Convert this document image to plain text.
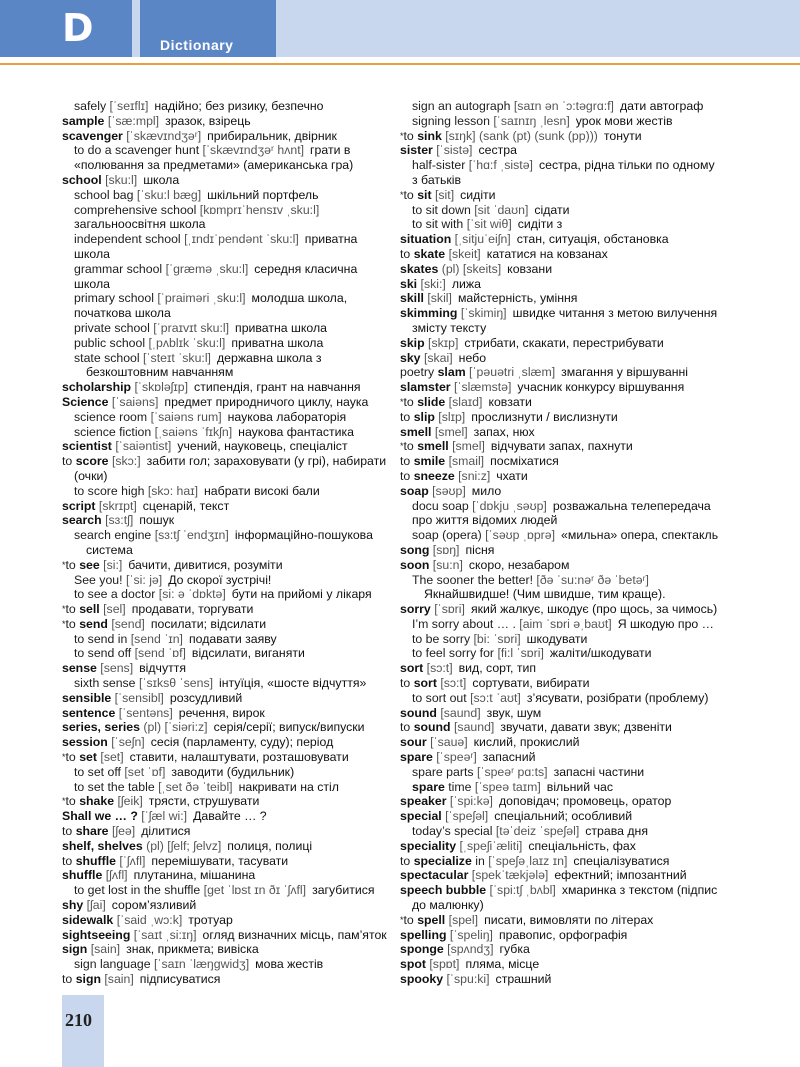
D	Dictionary
safely [ˈseɪflɪ] надійно; без ризику, безпечно
sample [ˈsæ:mpl] зразок, взірець
scavenger [ˈskævɪndʒəʳ] прибиральник, двірник
to do a scavenger hunt [ˈskævɪndʒəʳ hʌnt] грати в
«полювання за предметами» (американська гра)
school [sku:l] школа
school bag [ˈsku:l bæg] шкільний портфель
comprehensive school [kɒmprɪˈhensɪv ˌsku:l]
загальноосвітня школа
independent school [ˌɪndɪˈpendənt ˈsku:l] приватна
школа
grammar school [ˈgræmə ˌsku:l] середня класична
школа
primary school [ˈpraiməri ˌsku:l] молодша школа,
початкова школа
private school [ˈpraɪvɪt sku:l] приватна школа
public school [ˌpʌblɪk ˈsku:l] приватна школа
state school [ˈsteɪt ˈsku:l] державна школа з
безкоштовним навчанням
scholarship [ˈskɒləʃɪp] стипендія, грант на навчання
Science [ˈsaiəns] предмет природничого циклу, наука
science room [ˈsaiəns rum] наукова лабораторія
science fiction [ˌsaiəns ˈfɪkʃn] наукова фантастика
scientist [ˈsaiəntist] учений, науковець, спеціаліст
to score [skɔ:] забити гол; зараховувати (у грі), набирати
(очки)
to score high [skɔ: haɪ] набрати високі бали
script [skrɪpt] сценарій, текст
search [sɜ:tʃ] пошук
search engine [sɜ:tʃ ˈendʒɪn] інформаційно-пошукова
система
*to see [si:] бачити, дивитися, розуміти
See you! [ˈsi: jə] До скорої зустрічі!
to see a doctor [si: ə ˈdɒktə] бути на прийомі у лікаря
*to sell [sel] продавати, торгувати
*to send [send] посилати; відсилати
to send in [send ˈɪn] подавати заяву
to send off [send ˈɒf] відсилати, виганяти
sense [sens] відчуття
sixth sense [ˈsɪksθ ˈsens] інтуїція, «шосте відчуття»
sensible [ˈsensibl] розсудливий
sentence [ˈsentəns] речення, вирок
series, series (pl) [ˈsiəri:z] серія/серії; випуск/випуски
session [ˈseʃn] сесія (парламенту, суду); період
*to set [set] ставити, налаштувати, розташовувати
to set off [set ˈɒf] заводити (будильник)
to set the table [ˌset ðə ˈteibl] накривати на стіл
*to shake [ʃeik] трясти, струшувати
Shall we … ? [ˈʃæl wi:] Давайте … ?
to share [ʃeə] ділитися
shelf, shelves (pl) [ʃelf; ʃelvz] полиця, полиці
to shuffle [ˈʃʌfl] перемішувати, тасувати
shuffle [ʃʌfl] плутанина, мішанина
to get lost in the shuffle [get ˈlɒst ɪn ðɪ ˈʃʌfl] загубитися
shy [ʃai] сором’язливий
sidewalk [ˈsaid ˌwɔ:k] тротуар
sightseeing [ˈsaɪt ˌsi:ɪŋ] огляд визначних місць, пам’яток
sign [sain] знак, прикмета; вивіска
sign language [ˈsaɪn ˈlæŋgwidʒ] мова жестів
to sign [sain] підписуватися
sign an autograph [saɪn ən ˈɔ:təgrɑ:f] дати автограф
signing lesson [ˈsaɪnɪŋ ˌlesn] урок мови жестів
*to sink [sɪŋk] (sank (pt) (sunk (pp))) тонути
sister [ˈsistə] сестра
half-sister [ˈhɑ:f ˌsistə] сестра, рідна тільки по одному
з батьків
*to sit [sit] сидіти
to sit down [sit ˈdaʊn] сідати
to sit with [ˈsit wiθ] сидіти з
situation [ˌsitjuˈeiʃn] стан, ситуація, обстановка
to skate [skeit] кататися на ковзанах
skates (pl) [skeits] ковзани
ski [ski:] лижа
skill [skil] майстерність, уміння
skimming [ˈskimiŋ] швидке читання з метою вилучення
змісту тексту
skip [skɪp] стрибати, скакати, перестрибувати
sky [skai] небо
poetry slam [ˈpəuətri ˌslæm] змагання у віршуванні
slamster [ˈslæmstə] учасник конкурсу віршування
*to slide [slaɪd] ковзати
to slip [slɪp] прослизнути / вислизнути
smell [smel] запах, нюх
*to smell [smel] відчувати запах, пахнути
to smile [smail] посміхатися
to sneeze [sni:z] чхати
soap [səʊp] мило
docu soap [ˈdɒkju ˌsəʊp] розважальна телепередача
про життя відомих людей
soap (opera) [ˈsəʊp ˌɒprə] «мильна» опера, спектакль
song [sɒŋ] пісня
soon [su:n] скоро, незабаром
The sooner the better! [ðə ˈsu:nəʳ ðə ˈbetəʳ]
Якнайшвидше! (Чим швидше, тим краще).
sorry [ˈsɒri] який жалкує, шкодує (про щось, за чимось)
I’m sorry about … . [aim ˈsɒri əˌbaʊt] Я шкодую про …
to be sorry [bi: ˈsɒri] шкодувати
to feel sorry for [fi:l ˈsɒri] жаліти/шкодувати
sort [sɔ:t] вид, сорт, тип
to sort [sɔ:t] сортувати, вибирати
to sort out [sɔ:t ˈaʊt] з’ясувати, розібрати (проблему)
sound [saund] звук, шум
to sound [saund] звучати, давати звук; дзвеніти
sour [ˈsauə] кислий, прокислий
spare [ˈspeəʳ] запасний
spare parts [ˈspeəʳ pɑ:ts] запасні частини
spare time [ˈspeə taɪm] вільний час
speaker [ˈspi:kə] доповідач; промовець, оратор
special [ˈspeʃəl] спеціальний; особливий
today’s special [təˈdeiz ˈspeʃəl] страва дня
speciality [ˌspeʃiˈæliti] спеціальність, фах
to specialize in [ˈspeʃəˌlaɪz ɪn] спеціалізуватися
spectacular [spekˈtækjələ] ефектний; імпозантний
speech bubble [ˈspi:tʃ ˌbʌbl] хмаринка з текстом (підпис
до малюнку)
*to spell [spel] писати, вимовляти по літерах
spelling [ˈspeliŋ] правопис, орфографія
sponge [spʌndʒ] губка
spot [spɒt] пляма, місце
spooky [ˈspu:ki] страшний
210
